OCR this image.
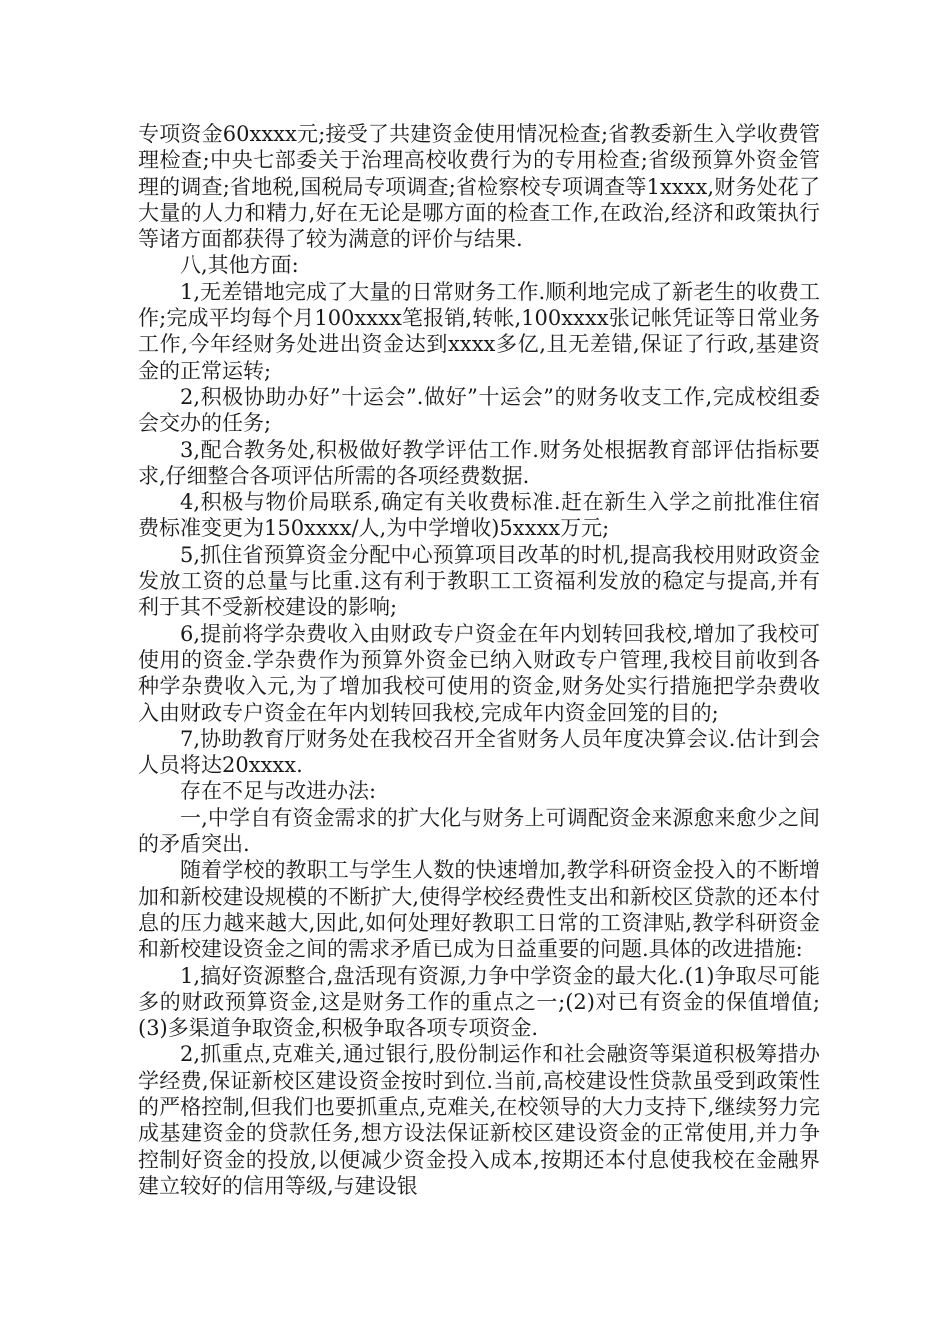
专项资金60xxxx元;接受了共建资金使用情况检查;省教委新生入学收费管理检查;中央七部委关于治理高校收费行为的专用检查;省级预算外资金管理的调查;省地税,国税局专项调查;省检察校专项调查等1xxxx,财务处花了大量的人力和精力,好在无论是哪方面的检查工作,在政治,经济和政策执行等诸方面都获得了较为满意的评价与结果.

八,其他方面:

1,无差错地完成了大量的日常财务工作.顺利地完成了新老生的收费工作;完成平均每个月100xxxx笔报销,转帐,100xxxx张记帐凭证等日常业务工作,今年经财务处进出资金达到xxxx多亿,且无差错,保证了行政,基建资金的正常运转;

2,积极协助办好”十运会”.做好”十运会”的财务收支工作,完成校组委会交办的任务;

3,配合教务处,积极做好教学评估工作.财务处根据教育部评估指标要求,仔细整合各项评估所需的各项经费数据.

4,积极与物价局联系,确定有关收费标准.赶在新生入学之前批准住宿费标准变更为150xxxx/人,为中学增收)5xxxx万元;

5,抓住省预算资金分配中心预算项目改革的时机,提高我校用财政资金发放工资的总量与比重.这有利于教职工工资福利发放的稳定与提高,并有利于其不受新校建设的影响;

6,提前将学杂费收入由财政专户资金在年内划转回我校,增加了我校可使用的资金.学杂费作为预算外资金已纳入财政专户管理,我校目前收到各种学杂费收入元,为了增加我校可使用的资金,财务处实行措施把学杂费收入由财政专户资金在年内划转回我校,完成年内资金回笼的目的;

7,协助教育厅财务处在我校召开全省财务人员年度决算会议.估计到会人员将达20xxxx.

存在不足与改进办法:

一,中学自有资金需求的扩大化与财务上可调配资金来源愈来愈少之间的矛盾突出.

随着学校的教职工与学生人数的快速增加,教学科研资金投入的不断增加和新校建设规模的不断扩大,使得学校经费性支出和新校区贷款的还本付息的压力越来越大,因此,如何处理好教职工日常的工资津贴,教学科研资金和新校建设资金之间的需求矛盾已成为日益重要的问题.具体的改进措施:

1,搞好资源整合,盘活现有资源,力争中学资金的最大化.(1)争取尽可能多的财政预算资金,这是财务工作的重点之一;(2)对已有资金的保值增值;(3)多渠道争取资金,积极争取各项专项资金.

2,抓重点,克难关,通过银行,股份制运作和社会融资等渠道积极筹措办学经费,保证新校区建设资金按时到位.当前,高校建设性贷款虽受到政策性的严格控制,但我们也要抓重点,克难关,在校领导的大力支持下,继续努力完成基建资金的贷款任务,想方设法保证新校区建设资金的正常使用,并力争控制好资金的投放,以便减少资金投入成本,按期还本付息使我校在金融界建立较好的信用等级,与建设银
